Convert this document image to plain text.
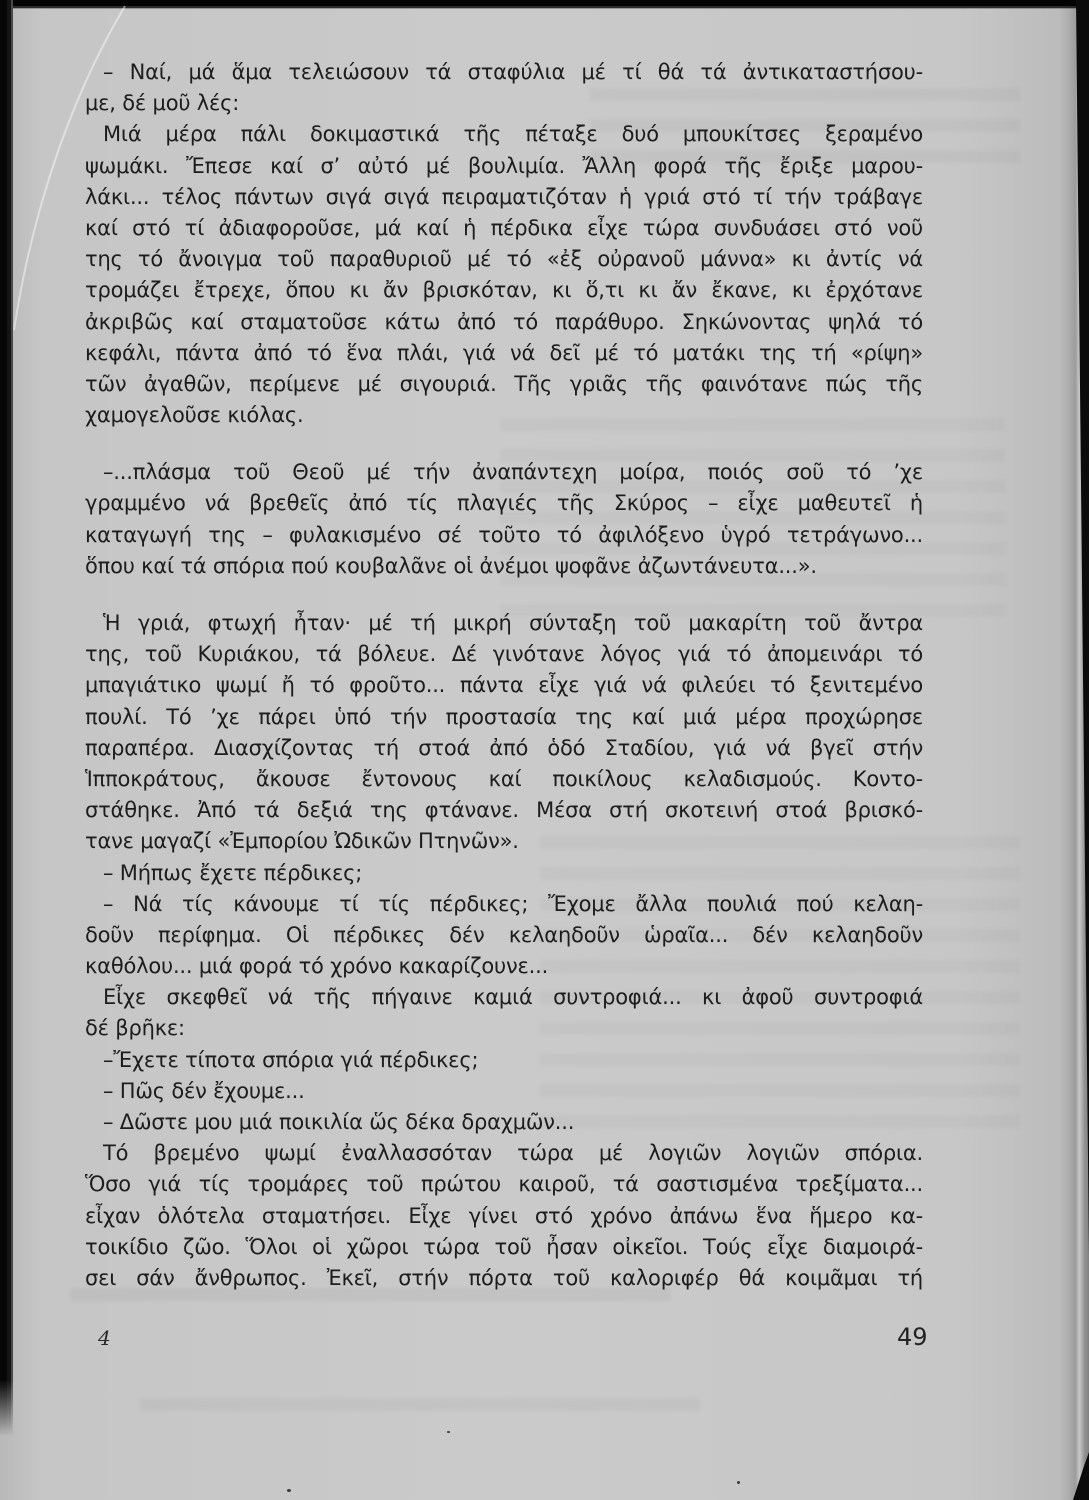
– Ναί, μά ἅμα τελειώσουν τά σταφύλια μέ τί θά τά ἀντικαταστήσου-
με, δέ μοῦ λές:
Μιά μέρα πάλι δοκιμαστικά τῆς πέταξε δυό μπουκίτσες ξεραμένο
ψωμάκι. Ἔπεσε καί σ’ αὐτό μέ βουλιμία. Ἄλλη φορά τῆς ἔριξε μαρου-
λάκι... τέλος πάντων σιγά σιγά πειραματιζόταν ἡ γριά στό τί τήν τράβαγε
καί στό τί ἀδιαφοροῦσε, μά καί ἡ πέρδικα εἶχε τώρα συνδυάσει στό νοῦ
της τό ἄνοιγμα τοῦ παραθυριοῦ μέ τό «ἐξ οὐρανοῦ μάννα» κι ἀντίς νά
τρομάζει ἔτρεχε, ὅπου κι ἄν βρισκόταν, κι ὅ,τι κι ἄν ἔκανε, κι ἐρχότανε
ἀκριβῶς καί σταματοῦσε κάτω ἀπό τό παράθυρο. Σηκώνοντας ψηλά τό
κεφάλι, πάντα ἀπό τό ἕνα πλάι, γιά νά δεῖ μέ τό ματάκι της τή «ρίψη»
τῶν ἀγαθῶν, περίμενε μέ σιγουριά. Τῆς γριᾶς τῆς φαινότανε πώς τῆς
χαμογελοῦσε κιόλας.
–...πλάσμα τοῦ Θεοῦ μέ τήν ἀναπάντεχη μοίρα, ποιός σοῦ τό ’χε
γραμμένο νά βρεθεῖς ἀπό τίς πλαγιές τῆς Σκύρος – εἶχε μαθευτεῖ ἡ
καταγωγή της – φυλακισμένο σέ τοῦτο τό ἀφιλόξενο ὑγρό τετράγωνο...
ὅπου καί τά σπόρια πού κουβαλᾶνε οἱ ἀνέμοι ψοφᾶνε ἀζωντάνευτα...».
Ἡ γριά, φτωχή ἦταν· μέ τή μικρή σύνταξη τοῦ μακαρίτη τοῦ ἄντρα
της, τοῦ Κυριάκου, τά βόλευε. Δέ γινότανε λόγος γιά τό ἀπομεινάρι τό
μπαγιάτικο ψωμί ἤ τό φροῦτο... πάντα εἶχε γιά νά φιλεύει τό ξενιτεμένο
πουλί. Τό ’χε πάρει ὑπό τήν προστασία της καί μιά μέρα προχώρησε
παραπέρα. Διασχίζοντας τή στοά ἀπό ὁδό Σταδίου, γιά νά βγεῖ στήν
Ἱπποκράτους, ἄκουσε ἔντονους καί ποικίλους κελαδισμούς. Κοντο-
στάθηκε. Ἀπό τά δεξιά της φτάνανε. Μέσα στή σκοτεινή στοά βρισκό-
τανε μαγαζί «Ἐμπορίου Ὠδικῶν Πτηνῶν».
– Μήπως ἔχετε πέρδικες;
– Νά τίς κάνουμε τί τίς πέρδικες; Ἔχομε ἄλλα πουλιά πού κελαη-
δοῦν περίφημα. Οἱ πέρδικες δέν κελαηδοῦν ὡραῖα... δέν κελαηδοῦν
καθόλου... μιά φορά τό χρόνο κακαρίζουνε...
Εἶχε σκεφθεῖ νά τῆς πήγαινε καμιά συντροφιά... κι ἀφοῦ συντροφιά
δέ βρῆκε:
–Ἔχετε τίποτα σπόρια γιά πέρδικες;
– Πῶς δέν ἔχουμε...
– Δῶστε μου μιά ποικιλία ὥς δέκα δραχμῶν...
Τό βρεμένο ψωμί ἐναλλασσόταν τώρα μέ λογιῶν λογιῶν σπόρια.
Ὅσο γιά τίς τρομάρες τοῦ πρώτου καιροῦ, τά σαστισμένα τρεξίματα...
εἶχαν ὁλότελα σταματήσει. Εἶχε γίνει στό χρόνο ἀπάνω ἕνα ἥμερο κα-
τοικίδιο ζῶο. Ὅλοι οἱ χῶροι τώρα τοῦ ἦσαν οἰκεῖοι. Τούς εἶχε διαμοιρά-
σει σάν ἄνθρωπος. Ἐκεῖ, στήν πόρτα τοῦ καλοριφέρ θά κοιμᾶμαι τή
4	49
